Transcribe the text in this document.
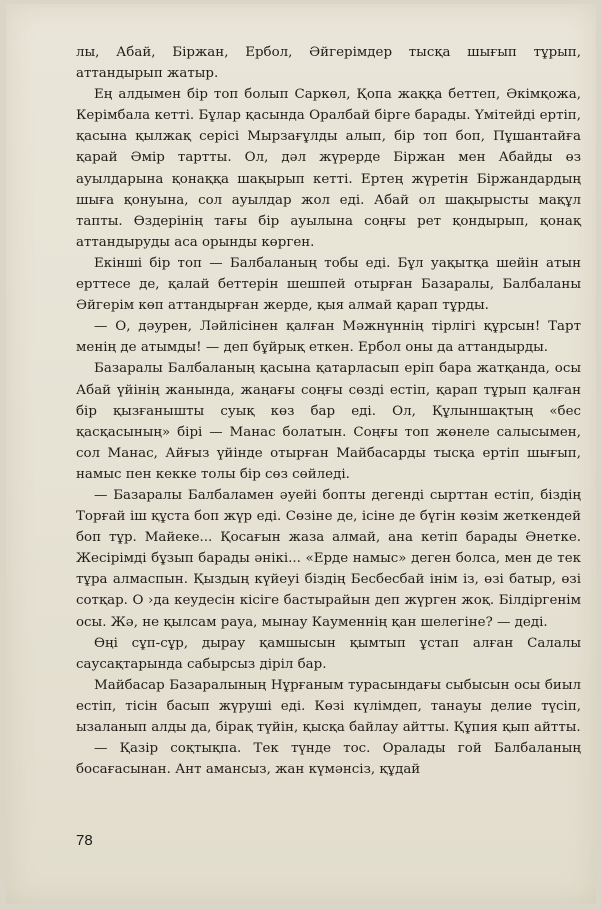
лы, Абай, Біржан, Ербол, Әйгерімдер тысқа шығып тұрып, аттандырып жатыр.

Ең алдымен бір топ болып Саркөл, Қопа жаққа беттеп, Әкімқожа, Керімбала кетті. Бұлар қасында Оралбай бірге барады. Үмітейді ертіп, қасына қылжақ серісі Мырзағұлды алып, бір топ боп, Пұшантайға қарай Әмір тартты. Ол, дәл жүрерде Біржан мен Абайды өз ауылдарына қонаққа шақырып кетті. Ертең жүретін Біржандардың шыға қонуына, сол ауылдар жол еді. Абай ол шақырысты мақұл тапты. Өздерінің тағы бір ауылына соңғы рет қондырып, қонақ аттандыруды аса орынды көрген.

Екінші бір топ — Балбаланың тобы еді. Бұл уақытқа шейін атын ерттесе де, қалай беттерін шешпей отырған Базаралы, Балбаланы Әйгерім көп аттандырған жерде, қыя алмай қарап тұрды.

— О, дәурен, Ләйлісінен қалған Мәжнүннің тірлігі құрсын! Тарт менің де атымды! — деп бұйрық еткен. Ербол оны да аттандырды.

Базаралы Балбаланың қасына қатарласып еріп бара жатқанда, осы Абай үйінің жанында, жаңағы соңғы сөзді естіп, қарап тұрып қалған бір қызғанышты суық көз бар еді. Ол, Құлыншақтың «бес қасқасының» бірі — Манас болатын. Соңғы топ жөнеле салысымен, сол Манас, Айғыз үйінде отырған Майбасарды тысқа ертіп шығып, намыс пен кекке толы бір сөз сөйледі.

— Базаралы Балбаламен әуейі бопты дегенді сырттан естіп, біздің Торғай іш құста боп жүр еді. Сөзіне де, ісіне де бүгін көзім жеткендей боп тұр. Майеке... Қосағын жаза алмай, ана кетіп барады Әнетке. Жесірімді бұзып барады әнікі... «Ерде намыс» деген болса, мен де тек тұра алмаспын. Қыздың күйеуі біздің Бесбесбай інім із, өзі батыр, өзі сотқар. О ›да кеудесін кісіге бастырайын деп жүрген жоқ. Білдіргенім осы. Жә, не қылсам рауа, мынау Кауменнің қан шелегіне? — деді.

Өңі сұп-сұр, дырау қамшысын қымтып ұстап алған Салалы саусақтарында сабырсыз діріл бар.

Майбасар Базаралының Нұрғаным турасындағы сыбысын осы биыл естіп, тісін басып жүруші еді. Көзі күлімдеп, танауы делие түсіп, ызаланып алды да, бірақ түйін, қысқа байлау айтты. Құпия қып айтты.

— Қазір соқтықпа. Тек түнде тос. Оралады гой Балбаланың босағасынан. Ант амансыз, жан күмәнсіз, құдай

78
